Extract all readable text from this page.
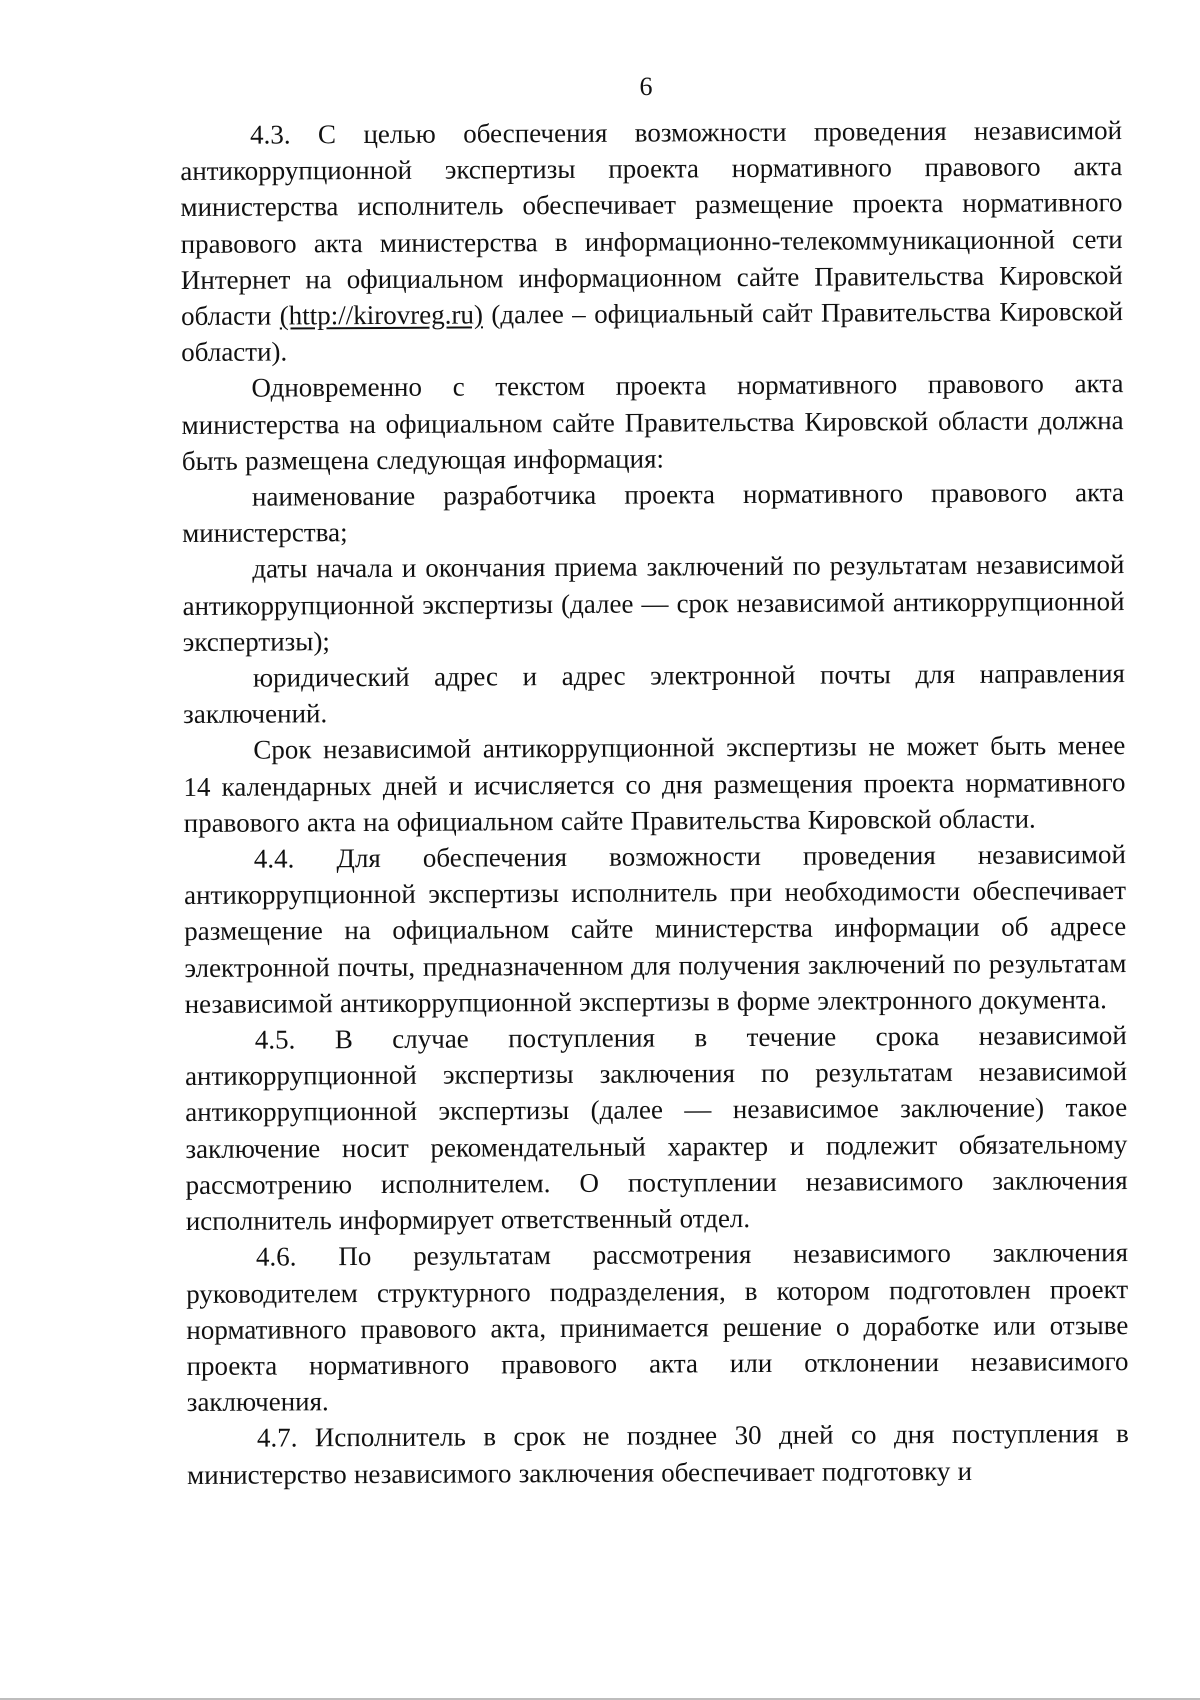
6

4.3. С целью обеспечения возможности проведения независимой антикоррупционной экспертизы проекта нормативного правового акта министерства исполнитель обеспечивает размещение проекта нормативного правового акта министерства в информационно-телекоммуникационной сети Интернет на официальном информационном сайте Правительства Кировской области (http://kirovreg.ru) (далее – официальный сайт Правительства Кировской области).

Одновременно с текстом проекта нормативного правового акта министерства на официальном сайте Правительства Кировской области должна быть размещена следующая информация:

наименование разработчика проекта нормативного правового акта министерства;

даты начала и окончания приема заключений по результатам независимой антикоррупционной экспертизы (далее — срок независимой антикоррупционной экспертизы);

юридический адрес и адрес электронной почты для направления заключений.

Срок независимой антикоррупционной экспертизы не может быть менее 14 календарных дней и исчисляется со дня размещения проекта нормативного правового акта на официальном сайте Правительства Кировской области.

4.4. Для обеспечения возможности проведения независимой антикоррупционной экспертизы исполнитель при необходимости обеспечивает размещение на официальном сайте министерства информации об адресе электронной почты, предназначенном для получения заключений по результатам независимой антикоррупционной экспертизы в форме электронного документа.

4.5. В случае поступления в течение срока независимой антикоррупционной экспертизы заключения по результатам независимой антикоррупционной экспертизы (далее — независимое заключение) такое заключение носит рекомендательный характер и подлежит обязательному рассмотрению исполнителем. О поступлении независимого заключения исполнитель информирует ответственный отдел.

4.6. По результатам рассмотрения независимого заключения руководителем структурного подразделения, в котором подготовлен проект нормативного правового акта, принимается решение о доработке или отзыве проекта нормативного правового акта или отклонении независимого заключения.

4.7. Исполнитель в срок не позднее 30 дней со дня поступления в министерство независимого заключения обеспечивает подготовку и
